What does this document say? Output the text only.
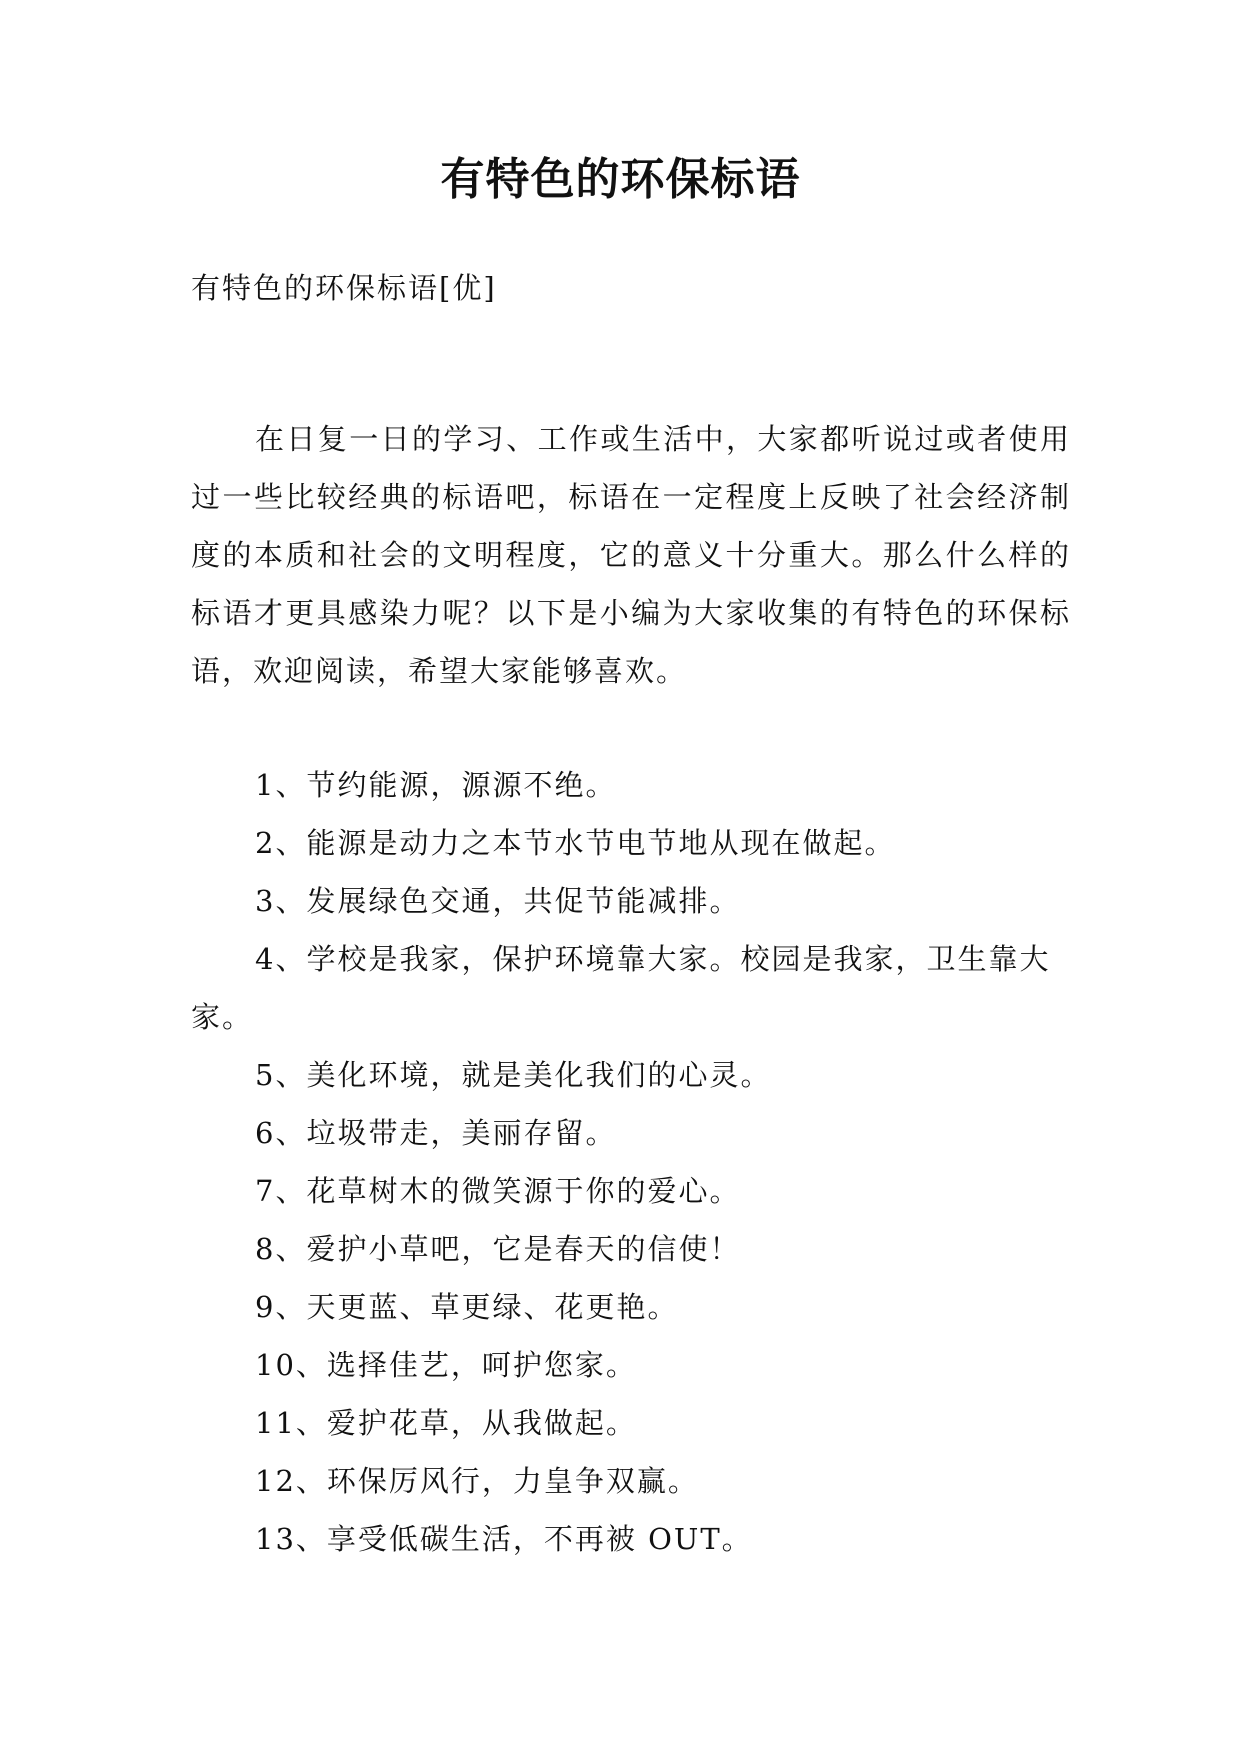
有特色的环保标语
有特色的环保标语[优]

在日复一日的学习、工作或生活中，大家都听说过或者使用过一些比较经典的标语吧，标语在一定程度上反映了社会经济制度的本质和社会的文明程度，它的意义十分重大。那么什么样的标语才更具感染力呢？以下是小编为大家收集的有特色的环保标语，欢迎阅读，希望大家能够喜欢。

1、节约能源，源源不绝。
2、能源是动力之本节水节电节地从现在做起。
3、发展绿色交通，共促节能减排。
4、学校是我家，保护环境靠大家。校园是我家，卫生靠大家。
5、美化环境，就是美化我们的心灵。
6、垃圾带走，美丽存留。
7、花草树木的微笑源于你的爱心。
8、爱护小草吧，它是春天的信使！
9、天更蓝、草更绿、花更艳。
10、选择佳艺，呵护您家。
11、爱护花草，从我做起。
12、环保厉风行，力皇争双赢。
13、享受低碳生活，不再被 OUT。
